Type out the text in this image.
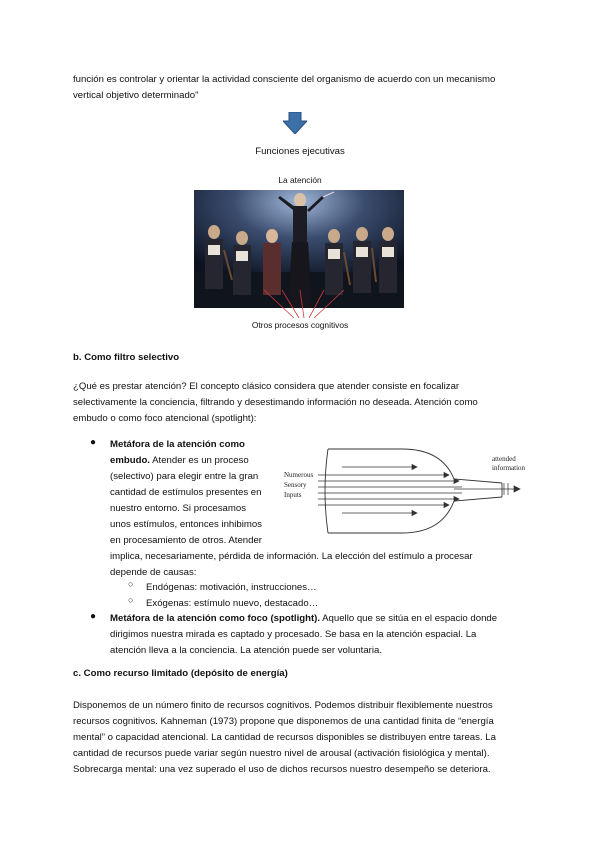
función es controlar y orientar la actividad consciente del organismo de acuerdo con un mecanismo
vertical objetivo determinado"
Funciones ejecutivas
La atención
Otros procesos cognitivos
b. Como filtro selectivo
¿Qué es prestar atención? El concepto clásico considera que atender consiste en focalizar
selectivamente la conciencia, filtrando y desestimando información no deseada. Atención como
embudo o como foco atencional (spotlight):
● Metáfora de la atención como
embudo. Atender es un proceso
(selectivo) para elegir entre la gran
cantidad de estímulos presentes en
nuestro entorno. Si procesamos
unos estímulos, entonces inhibimos
en procesamiento de otros. Atender
implica, necesariamente, pérdida de información. La elección del estímulo a procesar
depende de causas:
○ Endógenas: motivación, instrucciones…
○ Exógenas: estímulo nuevo, destacado…
Numerous
Sensory
Inputs
attended
information
● Metáfora de la atención como foco (spotlight). Aquello que se sitúa en el espacio donde
dirigimos nuestra mirada es captado y procesado. Se basa en la atención espacial. La
atención lleva a la conciencia. La atención puede ser voluntaria.
c. Como recurso limitado (depósito de energía)
Disponemos de un número finito de recursos cognitivos. Podemos distribuir flexiblemente nuestros
recursos cognitivos. Kahneman (1973) propone que disponemos de una cantidad finita de “energía
mental” o capacidad atencional. La cantidad de recursos disponibles se distribuyen entre tareas. La
cantidad de recursos puede variar según nuestro nivel de arousal (activación fisiológica y mental).
Sobrecarga mental: una vez superado el uso de dichos recursos nuestro desempeño se deteriora.
